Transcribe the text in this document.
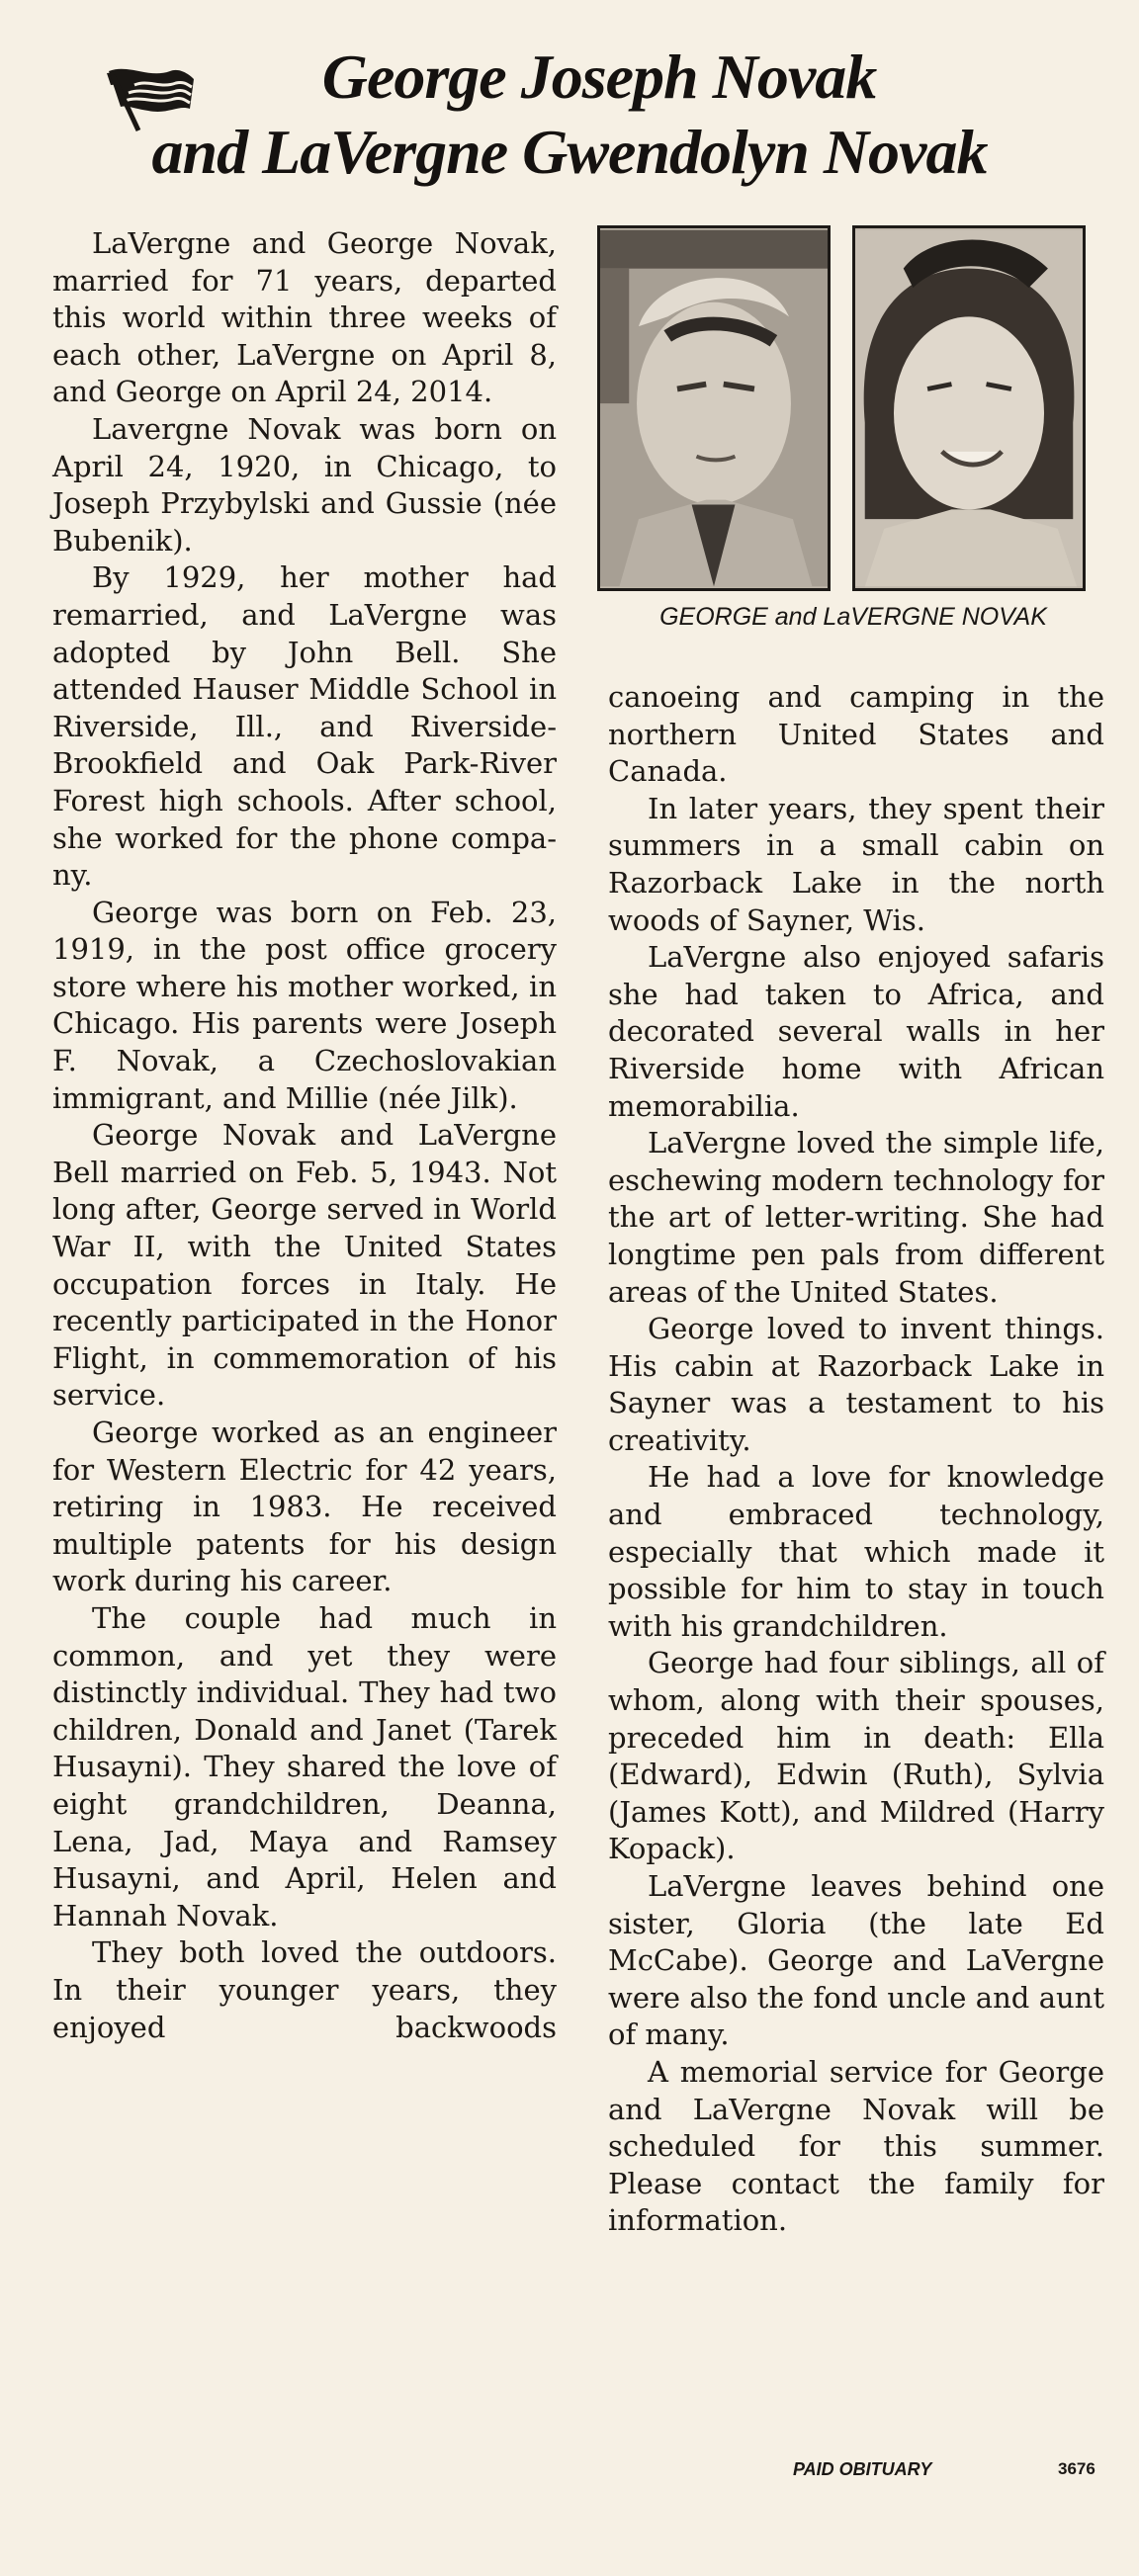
George Joseph Novak
and LaVergne Gwendolyn Novak

LaVergne and George Novak, married for 71 years, departed this world within three weeks of each other, LaVergne on April 8, and George on April 24, 2014.

Lavergne Novak was born on April 24, 1920, in Chicago, to Joseph Przybylski and Gussie (née Bubenik).

By 1929, her mother had remarried, and LaVergne was adopted by John Bell. She attended Hauser Middle School in Riverside, Ill., and Riverside-Brookfield and Oak Park-River Forest high schools. After school, she worked for the phone company.

George was born on Feb. 23, 1919, in the post office grocery store where his mother worked, in Chicago. His parents were Joseph F. Novak, a Czechoslovakian immigrant, and Millie (née Jilk).

George Novak and LaVergne Bell married on Feb. 5, 1943. Not long after, George served in World War II, with the United States occupation forces in Italy. He recently participated in the Honor Flight, in commemoration of his service.

George worked as an engineer for Western Electric for 42 years, retiring in 1983. He received multiple patents for his design work during his career.

The couple had much in common, and yet they were distinctly individual. They had two children, Donald and Janet (Tarek Husayni). They shared the love of eight grandchildren, Deanna, Lena, Jad, Maya and Ramsey Husayni, and April, Helen and Hannah Novak.

They both loved the outdoors. In their younger years, they enjoyed backwoods

GEORGE and LaVERGNE NOVAK

canoeing and camping in the northern United States and Canada.

In later years, they spent their summers in a small cabin on Razorback Lake in the north woods of Sayner, Wis.

LaVergne also enjoyed safaris she had taken to Africa, and decorated several walls in her Riverside home with African memorabilia.

LaVergne loved the simple life, eschewing modern technology for the art of letter-writing. She had longtime pen pals from different areas of the United States.

George loved to invent things. His cabin at Razorback Lake in Sayner was a testament to his creativity.

He had a love for knowledge and embraced technology, especially that which made it possible for him to stay in touch with his grandchildren.

George had four siblings, all of whom, along with their spouses, preceded him in death: Ella (Edward), Edwin (Ruth), Sylvia (James Kott), and Mildred (Harry Kopack).

LaVergne leaves behind one sister, Gloria (the late Ed McCabe). George and LaVergne were also the fond uncle and aunt of many.

A memorial service for George and LaVergne Novak will be scheduled for this summer. Please contact the family for information.

PAID OBITUARY	3676
